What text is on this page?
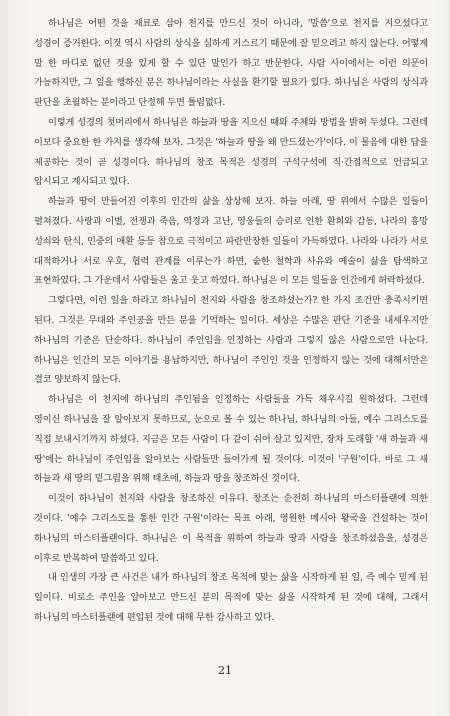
하나님은 어떤 것을 재료로 삼아 천지를 만드신 것이 아니라, '말씀'으로 천지를 지으셨다고 성경이 증거한다. 이것 역시 사람의 상식을 심하게 거스르기 때문에 잘 믿으려고 하지 않는다. 어떻게 말 한 마디로 없던 것을 있게 할 수 있단 말인가 하고 반문한다. 사람 사이에서는 이런 의문이 가능하지만, 그 일을 행하신 분은 하나님이라는 사실을 환기할 필요가 있다. 하나님은 사람의 상식과 판단을 초월하는 분이라고 단정해 두면 틀림없다.

이렇게 성경의 첫머리에서 하나님은 하늘과 땅을 지으신 때와 주체와 방법을 밝혀 두셨다. 그런데 이보다 중요한 한 가지를 생각해 보자. 그것은 '하늘과 땅을 왜 만드셨는가'이다. 이 물음에 대한 답을 제공하는 것이 곧 성경이다. 하나님의 창조 목적은 성경의 구석구석에 직·간접적으로 언급되고 암시되고 계시되고 있다.

하늘과 땅이 만들어진 이후의 인간의 삶을 상상해 보자. 하늘 아래, 땅 위에서 수많은 일들이 펼쳐졌다. 사랑과 이별, 전쟁과 죽음, 역경과 고난, 영웅들의 승리로 인한 환희와 감동, 나라의 흥망 성쇠와 탄식, 민중의 애환 등등 참으로 극적이고 파란만장한 일들이 가득하였다. 나라와 나라가 서로 대적하거나 서로 우호, 협력 관계를 이루는가 하면, 숱한 철학과 사유와 예술이 삶을 탐색하고 표현하였다. 그 가운데서 사람들은 울고 웃고 하였다. 하나님은 이 모든 일들을 인간에게 허락하셨다.

그렇다면, 이런 일을 하라고 하나님이 천지와 사람을 창조하셨는가? 한 가지 조건만 충족시키면 된다. 그것은 무대와 주인공을 만든 분을 기억하는 일이다. 세상은 수많은 판단 기준을 내세우지만 하나님의 기준은 단순하다. 하나님이 주인임을 인정하는 사람과 그렇지 않은 사람으로만 나눈다. 하나님은 인간의 모든 이야기를 용납하지만, 하나님이 주인인 것을 인정하지 않는 것에 대해서만은 결코 양보하지 않는다.

하나님은 이 천지에 하나님의 주인됨을 인정하는 사람들을 가득 채우시길 원하셨다. 그런데 영이신 하나님을 잘 알아보지 못하므로, 눈으로 볼 수 있는 하나님, 하나님의 아들, 예수 그리스도를 직접 보내시기까지 하셨다. 지금은 모든 사람이 다 같이 쉬어 살고 있지만, 장차 도래할 '새 하늘과 새 땅'에는 하나님이 주인임을 알아보는 사람들만 들어가게 될 것이다. 이것이 '구원'이다. 바로 그 새 하늘과 새 땅의 밑그림을 위해 태초에, 하늘과 땅을 창조하신 것이다.

이것이 하나님이 천지와 사람을 창조하신 이유다. 창조는 순전히 하나님의 마스터플랜에 의한 것이다. '예수 그리스도를 통한 인간 구원'이라는 목표 아래, 영원한 메시아 왕국을 건설하는 것이 하나님의 마스터플랜이다. 하나님은 이 목적을 위하여 하늘과 땅과 사람을 창조하셨음을, 성경은 이후로 반복하여 말씀하고 있다.

내 인생의 가장 큰 사건은 내가 하나님의 창조 목적에 맞는 삶을 시작하게 된 일, 즉 예수 믿게 된 일이다. 비로소 주인을 알아보고 만드신 분의 목적에 맞는 삶을 시작하게 된 것에 대해, 그래서 하나님의 마스터플랜에 편입된 것에 대해 무한 감사하고 있다.

21
